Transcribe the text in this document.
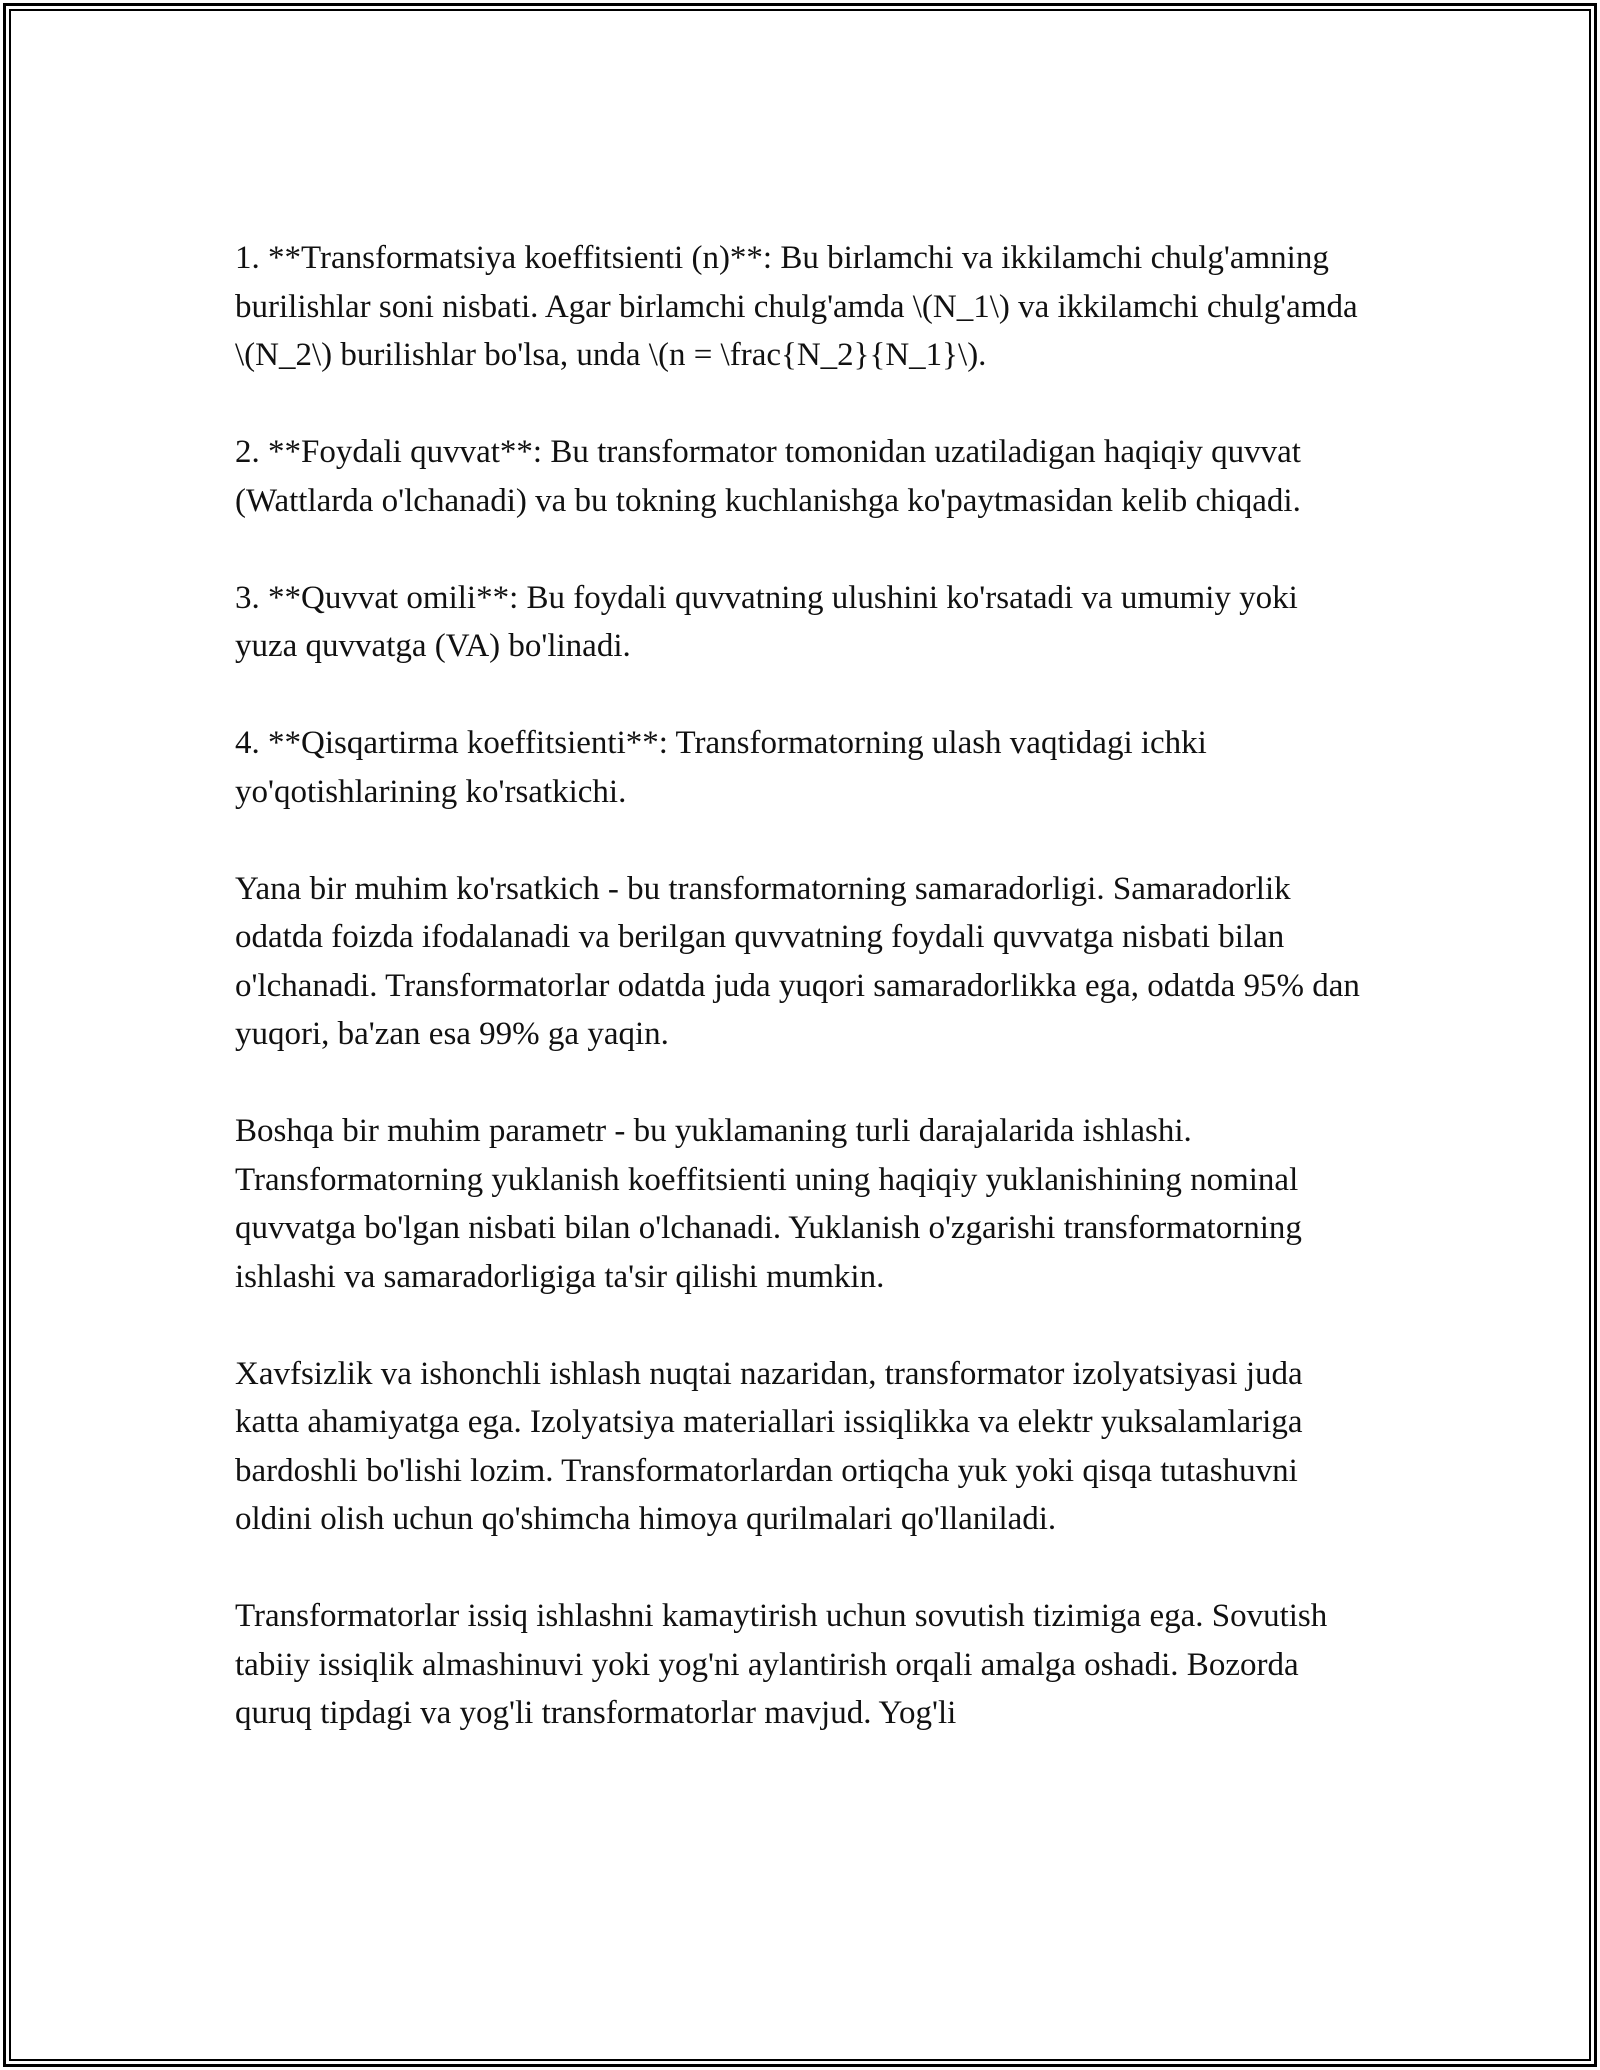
1. **Transformatsiya koeffitsienti (n)**: Bu birlamchi va ikkilamchi chulg'amning burilishlar soni nisbati. Agar birlamchi chulg'amda \(N_1\) va ikkilamchi chulg'amda \(N_2\) burilishlar bo'lsa, unda \(n = \frac{N_2}{N_1}\).

2. **Foydali quvvat**: Bu transformator tomonidan uzatiladigan haqiqiy quvvat (Wattlarda o'lchanadi) va bu tokning kuchlanishga ko'paytmasidan kelib chiqadi.

3. **Quvvat omili**: Bu foydali quvvatning ulushini ko'rsatadi va umumiy yoki yuza quvvatga (VA) bo'linadi.

4. **Qisqartirma koeffitsienti**: Transformatorning ulash vaqtidagi ichki yo'qotishlarining ko'rsatkichi.

Yana bir muhim ko'rsatkich - bu transformatorning samaradorligi. Samaradorlik odatda foizda ifodalanadi va berilgan quvvatning foydali quvvatga nisbati bilan o'lchanadi. Transformatorlar odatda juda yuqori samaradorlikka ega, odatda 95% dan yuqori, ba'zan esa 99% ga yaqin.

Boshqa bir muhim parametr - bu yuklamaning turli darajalarida ishlashi. Transformatorning yuklanish koeffitsienti uning haqiqiy yuklanishining nominal quvvatga bo'lgan nisbati bilan o'lchanadi. Yuklanish o'zgarishi transformatorning ishlashi va samaradorligiga ta'sir qilishi mumkin.

Xavfsizlik va ishonchli ishlash nuqtai nazaridan, transformator izolyatsiyasi juda katta ahamiyatga ega. Izolyatsiya materiallari issiqlikka va elektr yuksalamlariga bardoshli bo'lishi lozim. Transformatorlardan ortiqcha yuk yoki qisqa tutashuvni oldini olish uchun qo'shimcha himoya qurilmalari qo'llaniladi.

Transformatorlar issiq ishlashni kamaytirish uchun sovutish tizimiga ega. Sovutish tabiiy issiqlik almashinuvi yoki yog'ni aylantirish orqali amalga oshadi. Bozorda quruq tipdagi va yog'li transformatorlar mavjud. Yog'li
